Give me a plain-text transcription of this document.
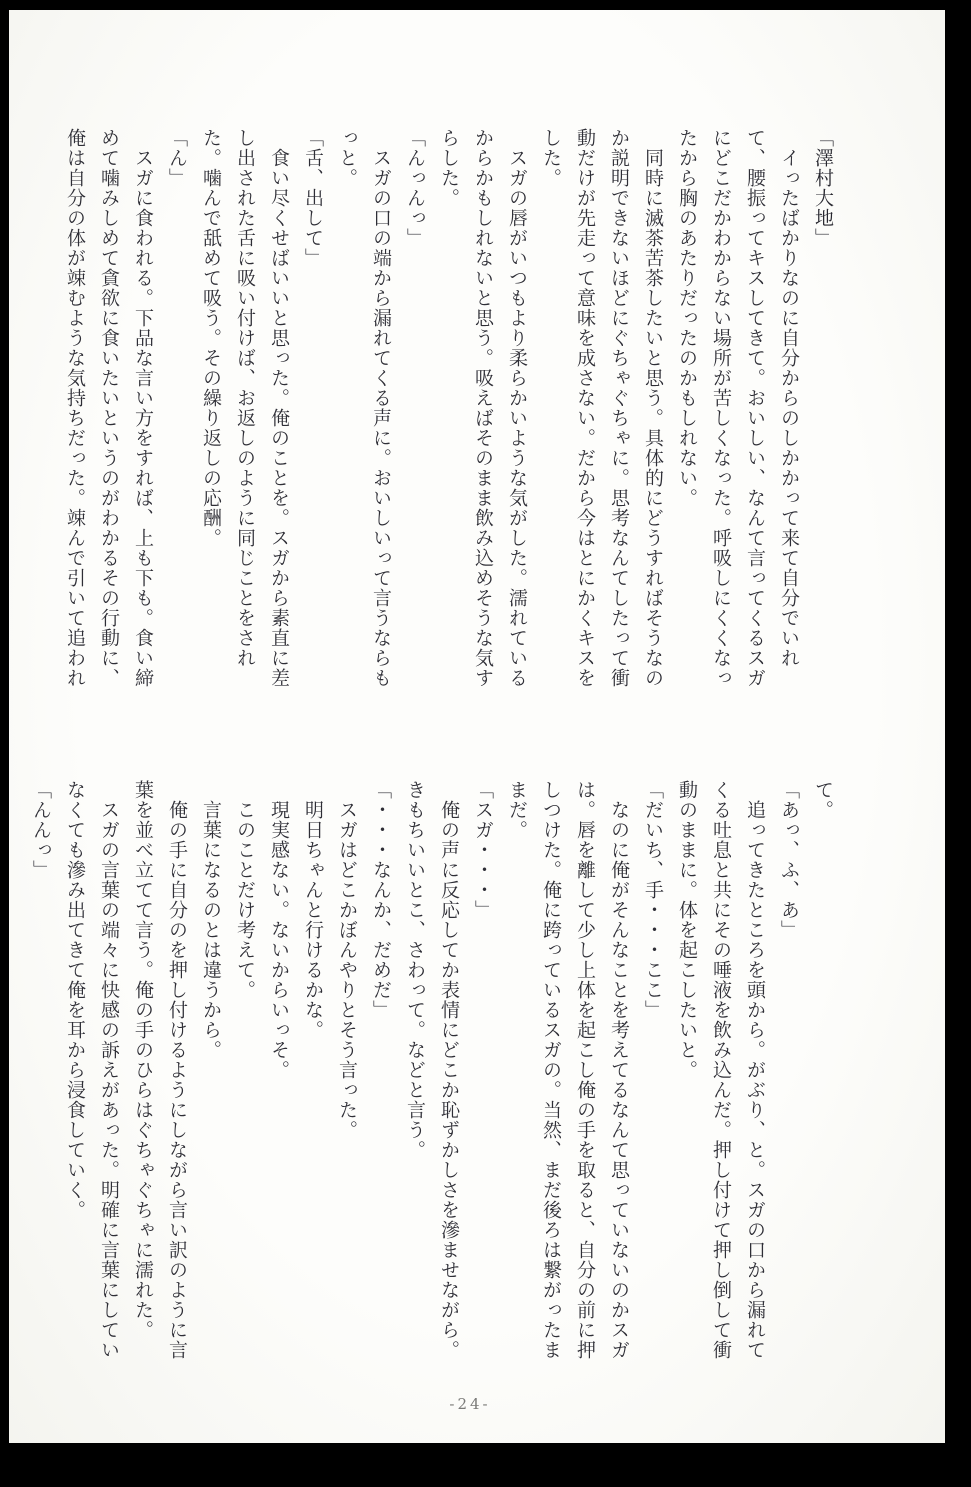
「澤村大地」

　イったばかりなのに自分からのしかかって来て自分でいれて、腰振ってキスしてきて。おいしい、なんて言ってくるスガにどこだかわからない場所が苦しくなった。呼吸しにくくなったから胸のあたりだったのかもしれない。

　同時に滅茶苦茶したいと思う。具体的にどうすればそうなのか説明できないほどにぐちゃぐちゃに。思考なんてしたって衝動だけが先走って意味を成さない。だから今はとにかくキスをした。

　スガの唇がいつもより柔らかいような気がした。濡れているからかもしれないと思う。吸えばそのまま飲み込めそうな気すらした。

「んっんっ」

　スガの口の端から漏れてくる声に。おいしいって言うならもっと。

「舌、出して」

　食い尽くせばいいと思った。俺のことを。スガから素直に差し出された舌に吸い付けば、お返しのように同じことをされた。噛んで舐めて吸う。その繰り返しの応酬。

「ん」

　スガに食われる。下品な言い方をすれば、上も下も。食い締めて噛みしめて貪欲に食いたいというのがわかるその行動に、俺は自分の体が竦むような気持ちだった。竦んで引いて追われ

て。

「あっ、ふ、あ」

　追ってきたところを頭から。がぶり、と。スガの口から漏れてくる吐息と共にその唾液を飲み込んだ。押し付けて押し倒して衝動のままに。体を起こしたいと。

「だいち、手・・・ここ」

　なのに俺がそんなことを考えてるなんて思っていないのかスガは。唇を離して少し上体を起こし俺の手を取ると、自分の前に押しつけた。俺に跨っているスガの。当然、まだ後ろは繋がったままだ。

「スガ・・・」

　俺の声に反応してか表情にどこか恥ずかしさを滲ませながら。きもちいいとこ、さわって。などと言う。

「・・・なんか、だめだ」

　スガはどこかぼんやりとそう言った。

　明日ちゃんと行けるかな。

　現実感ない。ないからいっそ。

　このことだけ考えて。

　言葉になるのとは違うから。

　俺の手に自分のを押し付けるようにしながら言い訳のように言葉を並べ立てて言う。俺の手のひらはぐちゃぐちゃに濡れた。

　スガの言葉の端々に快感の訴えがあった。明確に言葉にしていなくても滲み出てきて俺を耳から浸食していく。

「んんっ」

-24-
